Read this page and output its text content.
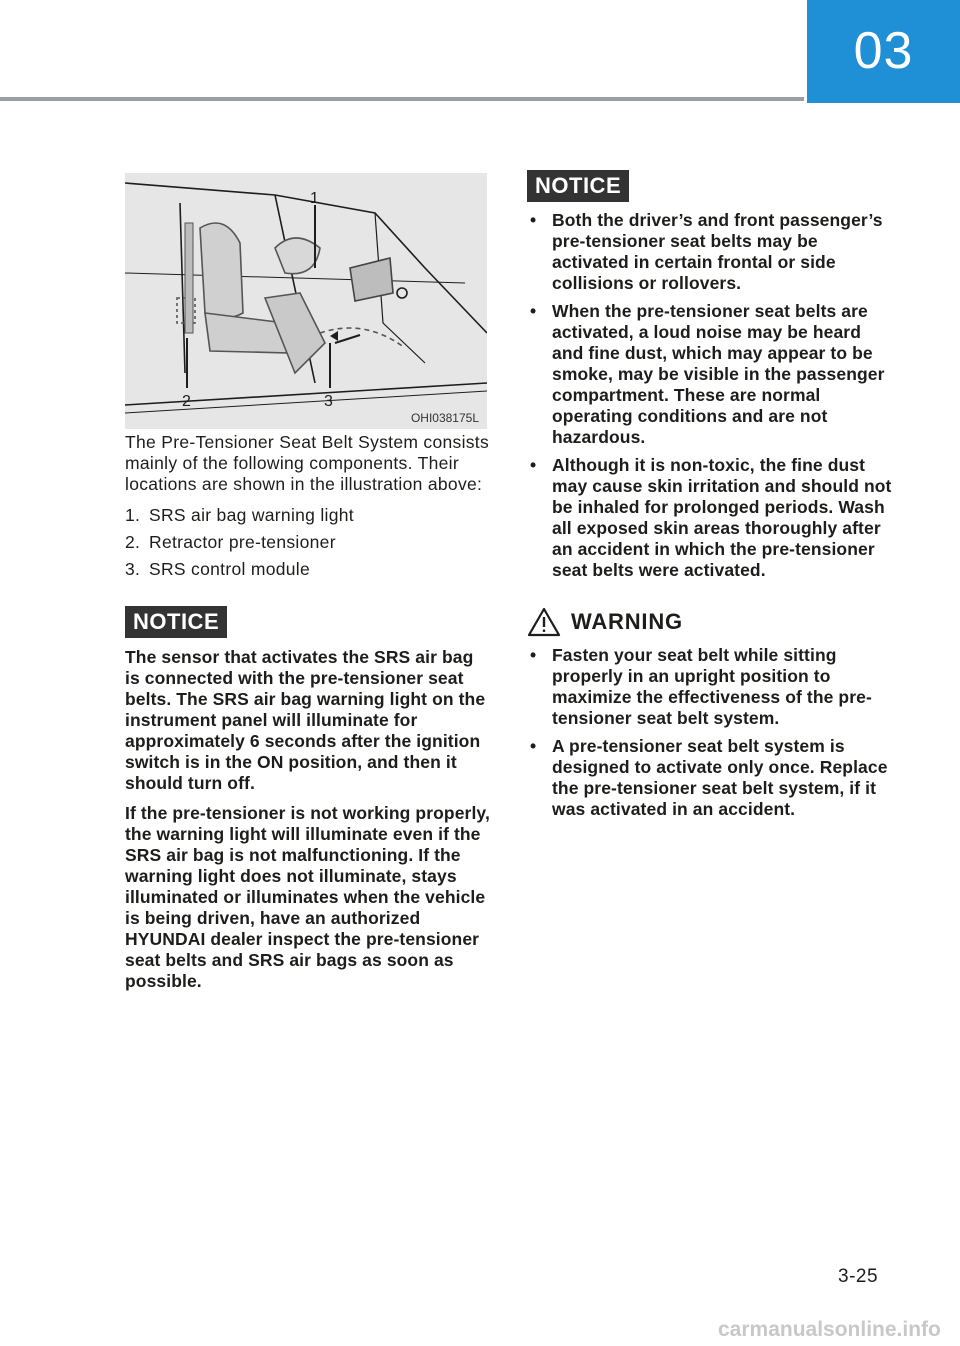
03
1
2	3
OHI038175L

The Pre-Tensioner Seat Belt System consists mainly of the following components. Their locations are shown in the illustration above:

1. SRS air bag warning light
2. Retractor pre-tensioner
3. SRS control module
NOTICE

The sensor that activates the SRS air bag is connected with the pre-tensioner seat belts. The SRS air bag warning light on the instrument panel will illuminate for approximately 6 seconds after the ignition switch is in the ON position, and then it should turn off.

If the pre-tensioner is not working properly, the warning light will illuminate even if the SRS air bag is not malfunctioning. If the warning light does not illuminate, stays illuminated or illuminates when the vehicle is being driven, have an authorized HYUNDAI dealer inspect the pre-tensioner seat belts and SRS air bags as soon as possible.

NOTICE
• Both the driver’s and front passenger’s pre-tensioner seat belts may be activated in certain frontal or side collisions or rollovers.
• When the pre-tensioner seat belts are activated, a loud noise may be heard and fine dust, which may appear to be smoke, may be visible in the passenger compartment. These are normal operating conditions and are not hazardous.
• Although it is non-toxic, the fine dust may cause skin irritation and should not be inhaled for prolonged periods. Wash all exposed skin areas thoroughly after an accident in which the pre-tensioner seat belts were activated.
WARNING
• Fasten your seat belt while sitting properly in an upright position to maximize the effectiveness of the pre-tensioner seat belt system.
• A pre-tensioner seat belt system is designed to activate only once. Replace the pre-tensioner seat belt system, if it was activated in an accident.
3-25
carmanualsonline.info
